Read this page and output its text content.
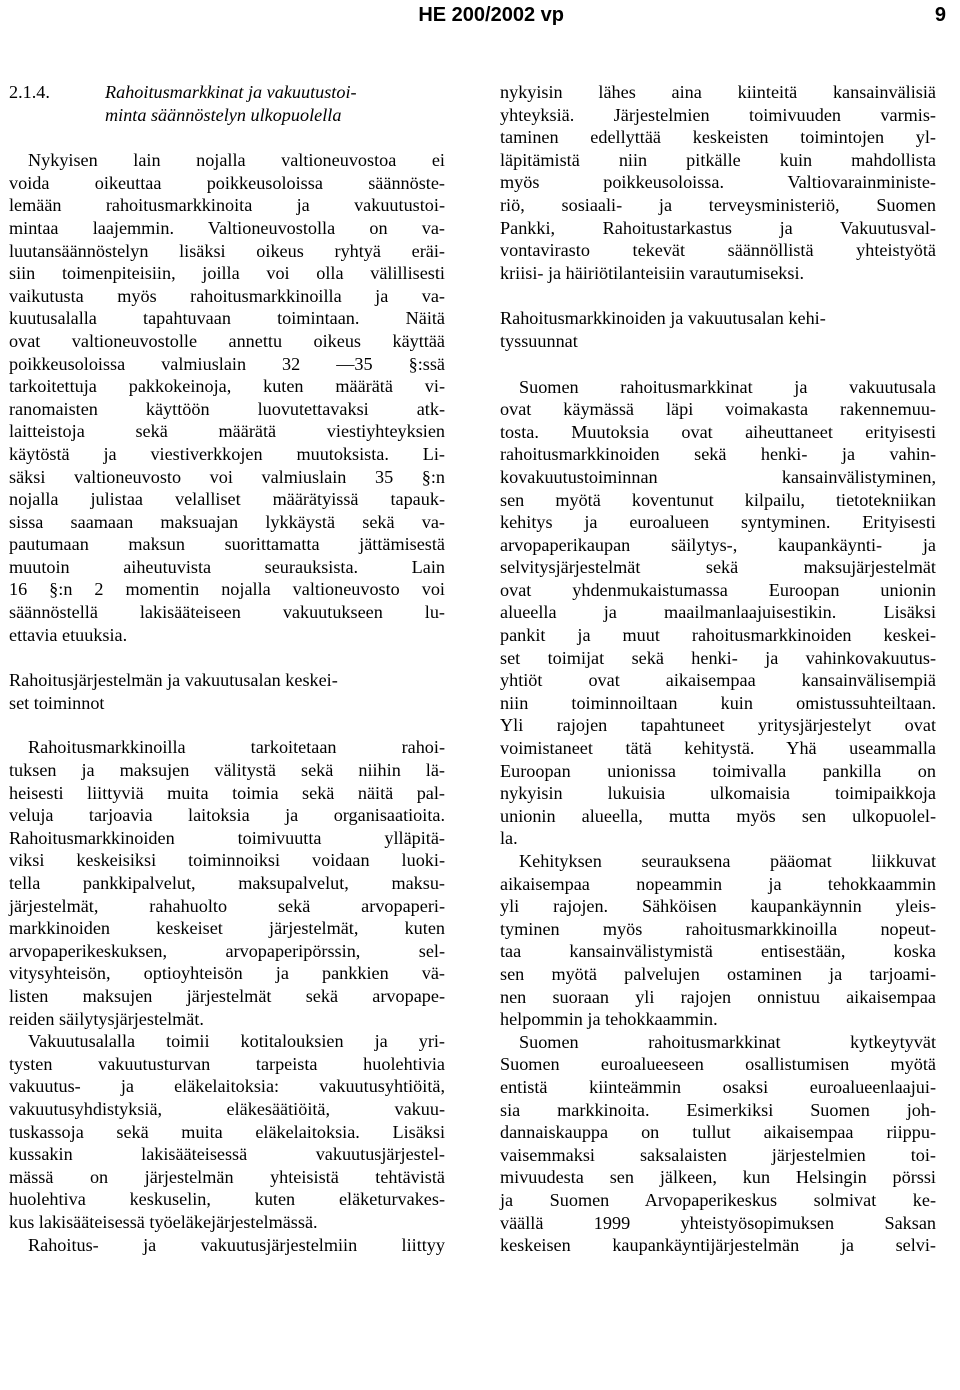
HE 200/2002 vp	9
2.1.4.	Rahoitusmarkkinat ja vakuutustoi-
minta säännöstelyn ulkopuolella
Nykyisen lain nojalla valtioneuvostoa ei
voida oikeuttaa poikkeusoloissa säännöste-
lemään rahoitusmarkkinoita ja vakuutustoi-
mintaa laajemmin. Valtioneuvostolla on va-
luutansäännöstelyn lisäksi oikeus ryhtyä eräi-
siin toimenpiteisiin, joilla voi olla välillisesti
vaikutusta myös rahoitusmarkkinoilla ja va-
kuutusalalla tapahtuvaan toimintaan. Näitä
ovat valtioneuvostolle annettu oikeus käyttää
poikkeusoloissa valmiuslain 32 —35 §:ssä
tarkoitettuja pakkokeinoja, kuten määrätä vi-
ranomaisten käyttöön luovutettavaksi atk-
laitteistoja sekä määrätä viestiyhteyksien
käytöstä ja viestiverkkojen muutoksista. Li-
säksi valtioneuvosto voi valmiuslain 35 §:n
nojalla julistaa velalliset määrätyissä tapauk-
sissa saamaan maksuajan lykkäystä sekä va-
pautumaan maksun suorittamatta jättämisestä
muutoin aiheutuvista seurauksista. Lain
16 §:n 2 momentin nojalla valtioneuvosto voi
säännöstellä lakisääteiseen vakuutukseen lu-
ettavia etuuksia.
Rahoitusjärjestelmän ja vakuutusalan keskei-
set toiminnot
Rahoitusmarkkinoilla tarkoitetaan rahoi-
tuksen ja maksujen välitystä sekä niihin lä-
heisesti liittyviä muita toimia sekä näitä pal-
veluja tarjoavia laitoksia ja organisaatioita.
Rahoitusmarkkinoiden toimivuutta ylläpitä-
viksi keskeisiksi toiminnoiksi voidaan luoki-
tella pankkipalvelut, maksupalvelut, maksu-
järjestelmät, rahahuolto sekä arvopaperi-
markkinoiden keskeiset järjestelmät, kuten
arvopaperikeskuksen, arvopaperipörssin, sel-
vitysyhteisön, optioyhteisön ja pankkien vä-
listen maksujen järjestelmät sekä arvopape-
reiden säilytysjärjestelmät.
Vakuutusalalla toimii kotitalouksien ja yri-
tysten vakuutusturvan tarpeista huolehtivia
vakuutus- ja eläkelaitoksia: vakuutusyhtiöitä,
vakuutusyhdistyksiä, eläkesäätiöitä, vakuu-
tuskassoja sekä muita eläkelaitoksia. Lisäksi
kussakin lakisääteisessä vakuutusjärjestel-
mässä on järjestelmän yhteisistä tehtävistä
huolehtiva keskuselin, kuten eläketurvakes-
kus lakisääteisessä työeläkejärjestelmässä.
Rahoitus- ja vakuutusjärjestelmiin liittyy
nykyisin lähes aina kiinteitä kansainvälisiä
yhteyksiä. Järjestelmien toimivuuden varmis-
taminen edellyttää keskeisten toimintojen yl-
läpitämistä niin pitkälle kuin mahdollista
myös poikkeusoloissa. Valtiovarainministe-
riö, sosiaali- ja terveysministeriö, Suomen
Pankki, Rahoitustarkastus ja Vakuutusval-
vontavirasto tekevät säännöllistä yhteistyötä
kriisi- ja häiriötilanteisiin varautumiseksi.
Rahoitusmarkkinoiden ja vakuutusalan kehi-
tyssuunnat
Suomen rahoitusmarkkinat ja vakuutusala
ovat käymässä läpi voimakasta rakennemuu-
tosta. Muutoksia ovat aiheuttaneet erityisesti
rahoitusmarkkinoiden sekä henki- ja vahin-
kovakuutustoiminnan kansainvälistyminen,
sen myötä koventunut kilpailu, tietotekniikan
kehitys ja euroalueen syntyminen. Erityisesti
arvopaperikaupan säilytys-, kaupankäynti- ja
selvitysjärjestelmät sekä maksujärjestelmät
ovat yhdenmukaistumassa Euroopan unionin
alueella ja maailmanlaajuisestikin. Lisäksi
pankit ja muut rahoitusmarkkinoiden keskei-
set toimijat sekä henki- ja vahinkovakuutus-
yhtiöt ovat aikaisempaa kansainvälisempiä
niin toiminnoiltaan kuin omistussuhteiltaan.
Yli rajojen tapahtuneet yritysjärjestelyt ovat
voimistaneet tätä kehitystä. Yhä useammalla
Euroopan unionissa toimivalla pankilla on
nykyisin lukuisia ulkomaisia toimipaikkoja
unionin alueella, mutta myös sen ulkopuolel-
la.
Kehityksen seurauksena pääomat liikkuvat
aikaisempaa nopeammin ja tehokkaammin
yli rajojen. Sähköisen kaupankäynnin yleis-
tyminen myös rahoitusmarkkinoilla nopeut-
taa kansainvälistymistä entisestään, koska
sen myötä palvelujen ostaminen ja tarjoami-
nen suoraan yli rajojen onnistuu aikaisempaa
helpommin ja tehokkaammin.
Suomen rahoitusmarkkinat kytkeytyvät
Suomen euroalueeseen osallistumisen myötä
entistä kiinteämmin osaksi euroalueenlaajui-
sia markkinoita. Esimerkiksi Suomen joh-
dannaiskauppa on tullut aikaisempaa riippu-
vaisemmaksi saksalaisten järjestelmien toi-
mivuudesta sen jälkeen, kun Helsingin pörssi
ja Suomen Arvopaperikeskus solmivat ke-
väällä 1999 yhteistyösopimuksen Saksan
keskeisen kaupankäyntijärjestelmän ja selvi-
